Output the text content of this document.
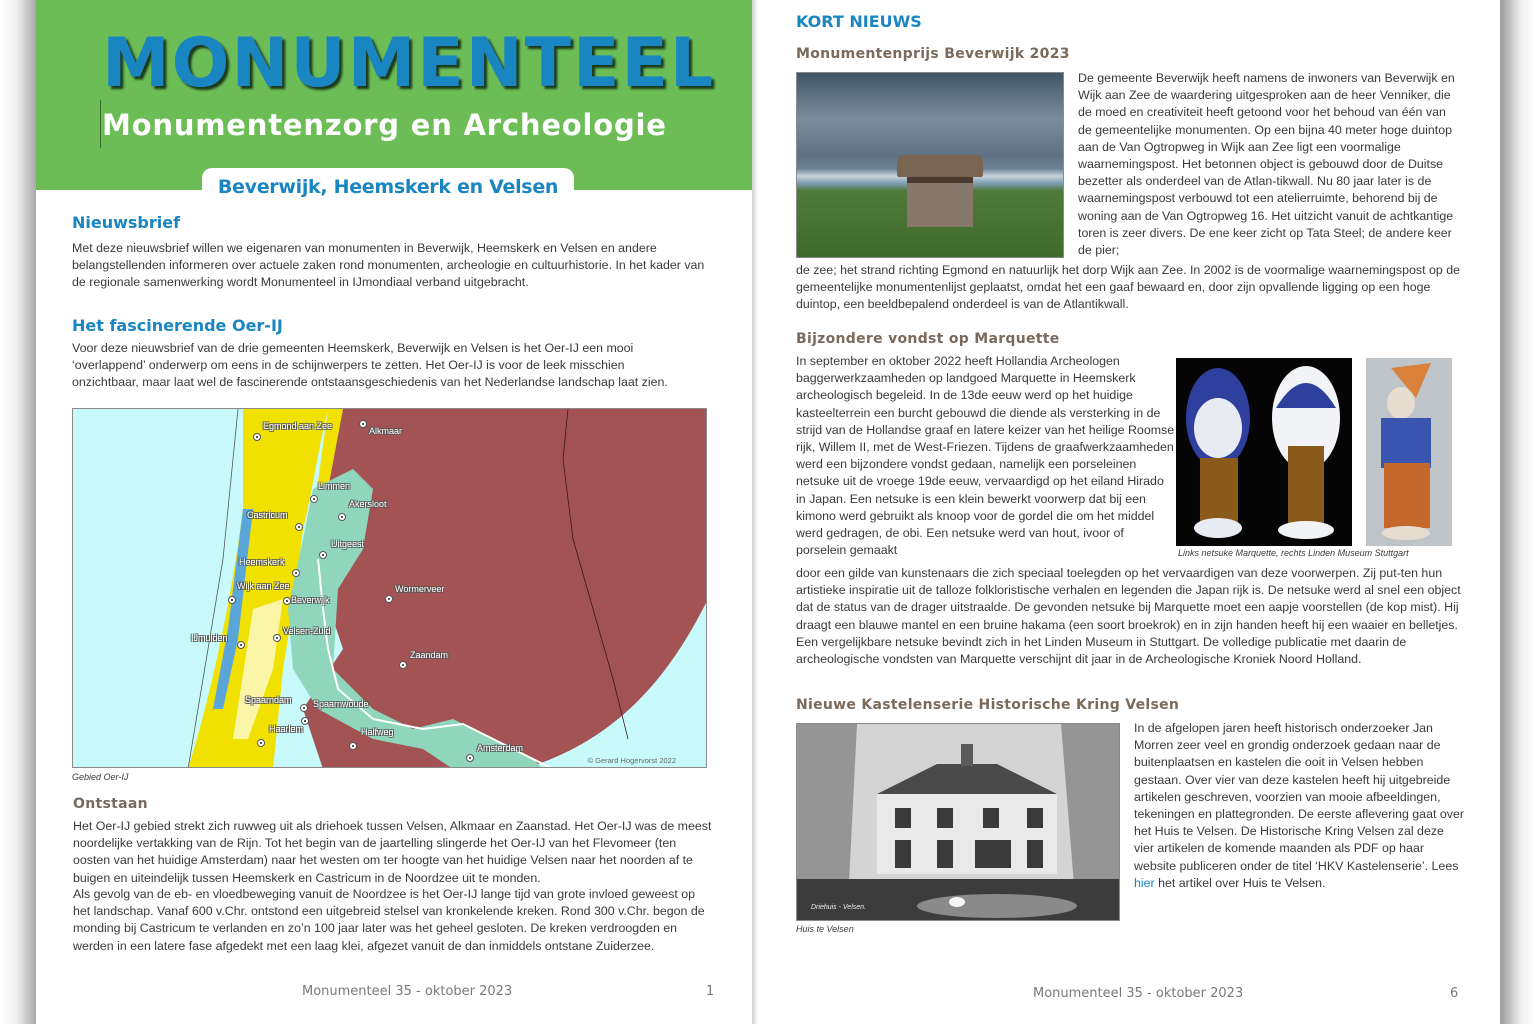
MONUMENTEEL
Monumentenzorg en Archeologie
Beverwijk, Heemskerk en Velsen
Nieuwsbrief
Met deze nieuwsbrief willen we eigenaren van monumenten in Beverwijk, Heemskerk en Velsen en andere belangstellenden informeren over actuele zaken rond monumenten, archeologie en cultuurhistorie. In het kader van de regionale samenwerking wordt Monumenteel in IJmondiaal verband uitgebracht.
Het fascinerende Oer-IJ
Voor deze nieuwsbrief van de drie gemeenten Heemskerk, Beverwijk en Velsen is het Oer-IJ een mooi ‘overlappend’ onderwerp om eens in de schijnwerpers te zetten. Het Oer-IJ is voor de leek misschien onzichtbaar, maar laat wel de fascinerende ontstaansgeschiedenis van het Nederlandse landschap laat zien.
Egmond aan Zee	Alkmaar
Limmen
Akersloot
Castricum
Uitgeest
Heemskerk
Wijk aan Zee
Beverwijk
Wormerveer
IJmuiden
Velsen-Zuid
Zaandam
Spaarndam Spaarnwoude
Haarlem	Halfweg
Amsterdam
© Gerard Hogervorst 2022
Gebied Oer-IJ
Ontstaan
Het Oer-IJ gebied strekt zich ruwweg uit als driehoek tussen Velsen, Alkmaar en Zaanstad. Het Oer-IJ was de meest noordelijke vertakking van de Rijn. Tot het begin van de jaartelling slingerde het Oer-IJ van het Flevomeer (ten oosten van het huidige Amsterdam) naar het westen om ter hoogte van het huidige Velsen naar het noorden af te buigen en uiteindelijk tussen Heemskerk en Castricum in de Noordzee uit te monden.
Als gevolg van de eb- en vloedbeweging vanuit de Noordzee is het Oer-IJ lange tijd van grote invloed geweest op het landschap. Vanaf 600 v.Chr. ontstond een uitgebreid stelsel van kronkelende kreken. Rond 300 v.Chr. begon de monding bij Castricum te verlanden en zo’n 100 jaar later was het geheel gesloten. De kreken verdroogden en werden in een latere fase afgedekt met een laag klei, afgezet vanuit de dan inmiddels ontstane Zuiderzee.
Monumenteel 35 - oktober 2023	1
KORT NIEUWS
Monumentenprijs Beverwijk 2023
De gemeente Beverwijk heeft namens de inwoners van Beverwijk en Wijk aan Zee de waardering uitgesproken aan de heer Venniker, die de moed en creativiteit heeft getoond voor het behoud van één van de gemeentelijke monumenten. Op een bijna 40 meter hoge duintop aan de Van Ogtropweg in Wijk aan Zee ligt een voormalige waarnemingspost. Het betonnen object is gebouwd door de Duitse bezetter als onderdeel van de Atlan-tikwall. Nu 80 jaar later is de waarnemingspost verbouwd tot een atelierruimte, behorend bij de woning aan de Van Ogtropweg 16. Het uitzicht vanuit de achtkantige toren is zeer divers. De ene keer zicht op Tata Steel; de andere keer de pier;
de zee; het strand richting Egmond en natuurlijk het dorp Wijk aan Zee. In 2002 is de voormalige waarnemingspost op de gemeentelijke monumentenlijst geplaatst, omdat het een gaaf bewaard en, door zijn opvallende ligging op een hoge duintop, een beeldbepalend onderdeel is van de Atlantikwall.
Bijzondere vondst op Marquette
In september en oktober 2022 heeft Hollandia Archeologen baggerwerkzaamheden op landgoed Marquette in Heemskerk archeologisch begeleid. In de 13de eeuw werd op het huidige kasteelterrein een burcht gebouwd die diende als versterking in de strijd van de Hollandse graaf en latere keizer van het heilige Roomse rijk, Willem II, met de West-Friezen. Tijdens de graafwerkzaamheden werd een bijzondere vondst gedaan, namelijk een porseleinen netsuke uit de vroege 19de eeuw, vervaardigd op het eiland Hirado in Japan. Een netsuke is een klein bewerkt voorwerp dat bij een kimono werd gebruikt als knoop voor de gordel die om het middel werd gedragen, de obi. Een netsuke werd van hout, ivoor of porselein gemaakt	Links netsuke Marquette, rechts Linden Museum Stuttgart
door een gilde van kunstenaars die zich speciaal toelegden op het vervaardigen van deze voorwerpen. Zij put-ten hun artistieke inspiratie uit de talloze folkloristische verhalen en legenden die Japan rijk is. De netsuke werd al snel een object dat de status van de drager uitstraalde. De gevonden netsuke bij Marquette moet een aapje voorstellen (de kop mist). Hij draagt een blauwe mantel en een bruine hakama (een soort broekrok) en in zijn handen heeft hij een waaier en belletjes. Een vergelijkbare netsuke bevindt zich in het Linden Museum in Stuttgart. De volledige publicatie met daarin de archeologische vondsten van Marquette verschijnt dit jaar in de Archeologische Kroniek Noord Holland.
Nieuwe Kastelenserie Historische Kring Velsen
Driehuis - Velsen.
Huis te Velsen
In de afgelopen jaren heeft historisch onderzoeker Jan Morren zeer veel en grondig onderzoek gedaan naar de buitenplaatsen en kastelen die ooit in Velsen hebben gestaan. Over vier van deze kastelen heeft hij uitgebreide artikelen geschreven, voorzien van mooie afbeeldingen, tekeningen en plattegronden. De eerste aflevering gaat over het Huis te Velsen. De Historische Kring Velsen zal deze vier artikelen de komende maanden als PDF op haar website publiceren onder de titel ‘HKV Kastelenserie’. Lees hier het artikel over Huis te Velsen.
Monumenteel 35 - oktober 2023	6
